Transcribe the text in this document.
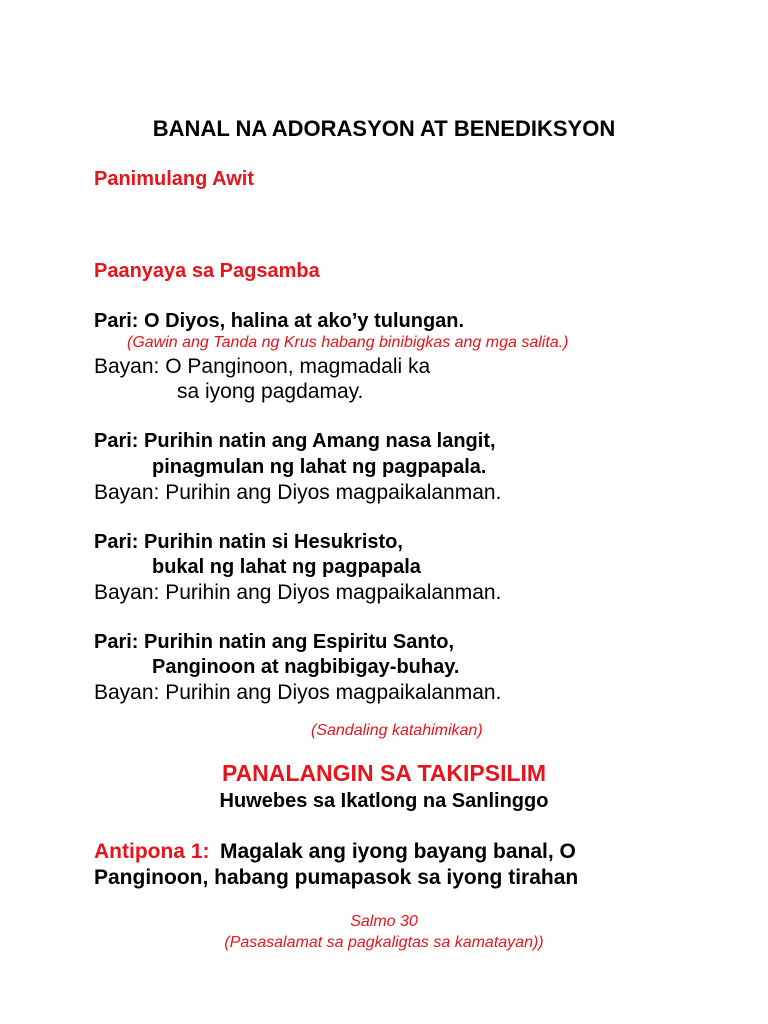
BANAL NA ADORASYON AT BENEDIKSYON
Panimulang Awit
Paanyaya sa Pagsamba
Pari: O Diyos, halina at ako’y tulungan.
(Gawin ang Tanda ng Krus habang binibigkas ang mga salita.)
Bayan: O Panginoon, magmadali ka
sa iyong pagdamay.
Pari: Purihin natin ang Amang nasa langit,
pinagmulan ng lahat ng pagpapala.
Bayan: Purihin ang Diyos magpaikalanman.
Pari: Purihin natin si Hesukristo,
bukal ng lahat ng pagpapala
Bayan: Purihin ang Diyos magpaikalanman.
Pari: Purihin natin ang Espiritu Santo,
Panginoon at nagbibigay-buhay.
Bayan: Purihin ang Diyos magpaikalanman.
(Sandaling katahimikan)
PANALANGIN SA TAKIPSILIM
Huwebes sa Ikatlong na Sanlinggo
Antipona 1: Magalak ang iyong bayang banal, O
Panginoon, habang pumapasok sa iyong tirahan
Salmo 30
(Pasasalamat sa pagkaligtas sa kamatayan))
